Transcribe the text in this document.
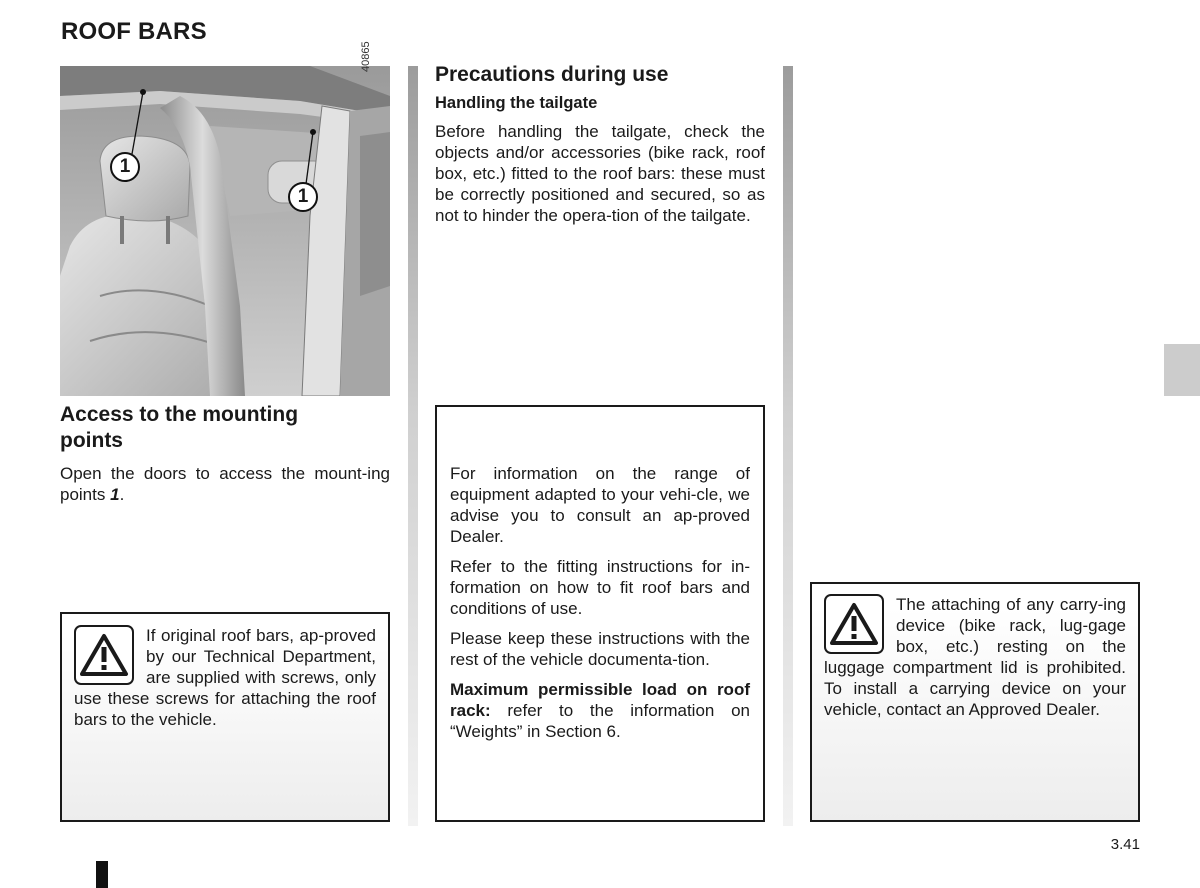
ROOF BARS
1
1
40865
Access to the mounting
points

Open the doors to access the mount-ing points 1.

If original roof bars, ap-proved by our Technical Department, are supplied with screws, only use these screws for attaching the roof bars to the vehicle.
Precautions during use
Handling the tailgate

Before handling the tailgate, check the objects and/or accessories (bike rack, roof box, etc.) fitted to the roof bars: these must be correctly positioned and secured, so as not to hinder the opera-tion of the tailgate.

For information on the range of equipment adapted to your vehi-cle, we advise you to consult an ap-proved Dealer.

Refer to the fitting instructions for in-formation on how to fit roof bars and conditions of use.

Please keep these instructions with the rest of the vehicle documenta-tion.

Maximum permissible load on roof rack: refer to the information on “Weights” in Section 6.

The attaching of any carry-ing device (bike rack, lug-gage box, etc.) resting on the luggage compartment lid is prohibited. To install a carrying device on your vehicle, contact an Approved Dealer.
3.41
